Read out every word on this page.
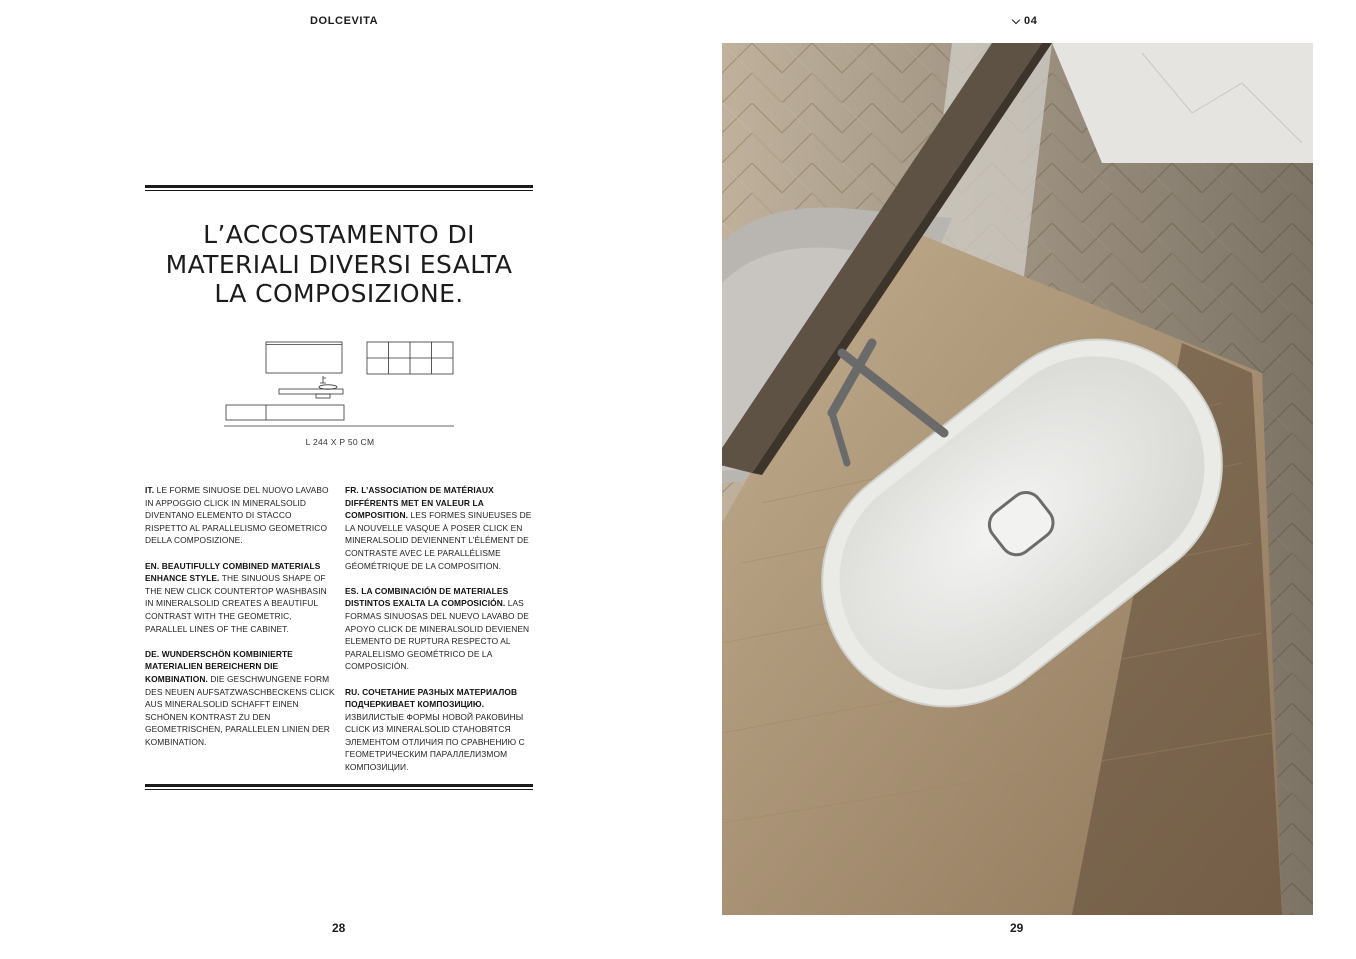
DOLCEVITA	04
L’ACCOSTAMENTO DI
MATERIALI DIVERSI ESALTA
LA COMPOSIZIONE.
L 244 X P 50 CM

IT. LE FORME SINUOSE DEL NUOVO LAVABO IN APPOGGIO CLICK IN MINERALSOLID DIVENTANO ELEMENTO DI STACCO RISPETTO AL PARALLELISMO GEOMETRICO DELLA COMPOSIZIONE.

EN. BEAUTIFULLY COMBINED MATERIALS ENHANCE STYLE. THE SINUOUS SHAPE OF THE NEW CLICK COUNTERTOP WASHBASIN IN MINERALSOLID CREATES A BEAUTIFUL CONTRAST WITH THE GEOMETRIC, PARALLEL LINES OF THE CABINET.

DE. WUNDERSCHÖN KOMBINIERTE MATERIALIEN BEREICHERN DIE KOMBINATION. DIE GESCHWUNGENE FORM DES NEUEN AUFSATZWASCHBECKENS CLICK AUS MINERALSOLID SCHAFFT EINEN SCHÖNEN KONTRAST ZU DEN GEOMETRISCHEN, PARALLELEN LINIEN DER KOMBINATION.

FR. L’ASSOCIATION DE MATÉRIAUX DIFFÉRENTS MET EN VALEUR LA COMPOSITION. LES FORMES SINUEUSES DE LA NOUVELLE VASQUE À POSER CLICK EN MINERALSOLID DEVIENNENT L’ÉLÉMENT DE CONTRASTE AVEC LE PARALLÉLISME GÉOMÉTRIQUE DE LA COMPOSITION.

ES. LA COMBINACIÓN DE MATERIALES DISTINTOS EXALTA LA COMPOSICIÓN. LAS FORMAS SINUOSAS DEL NUEVO LAVABO DE APOYO CLICK DE MINERALSOLID DEVIENEN ELEMENTO DE RUPTURA RESPECTO AL PARALELISMO GEOMÉTRICO DE LA COMPOSICIÓN.

RU. СОЧЕТАНИЕ РАЗНЫХ МАТЕРИАЛОВ ПОДЧЕРКИВАЕТ КОМПОЗИЦИЮ. ИЗВИЛИСТЫЕ ФОРМЫ НОВОЙ РАКОВИНЫ CLICK ИЗ MINERALSOLID СТАНОВЯТСЯ ЭЛЕМЕНТОМ ОТЛИЧИЯ ПО СРАВНЕНИЮ С ГЕОМЕТРИЧЕСКИМ ПАРАЛЛЕЛИЗМОМ КОМПОЗИЦИИ.

28	29
